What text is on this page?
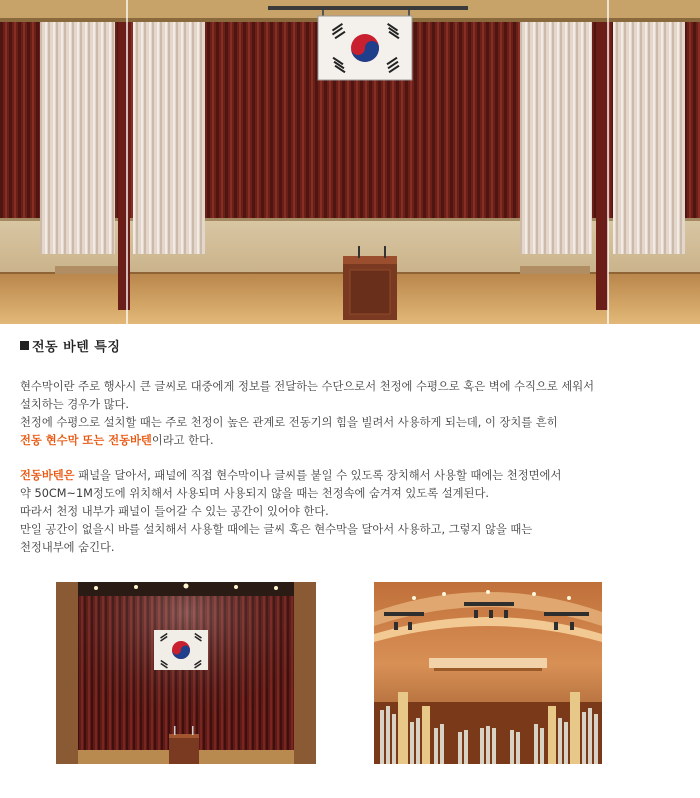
전동 바텐 특징
현수막이란 주로 행사시 큰 글씨로 대중에게 정보를 전달하는 수단으로서 천정에 수평으로 혹은 벽에 수직으로 세워서
설치하는 경우가 많다.
천정에 수평으로 설치할 때는 주로 천정이 높은 관계로 전동기의 힘을 빌려서 사용하게 되는데, 이 장치를 흔히
전동 현수막 또는 전동바텐이라고 한다.
전동바텐은 패널을 달아서, 패널에 직접 현수막이나 글씨를 붙일 수 있도록 장치해서 사용할 때에는 천정면에서
약 50CM~1M정도에 위치해서 사용되며 사용되지 않을 때는 천정속에 숨겨져 있도록 설계된다.
따라서 천정 내부가 패널이 들어갈 수 있는 공간이 있어야 한다.
만일 공간이 없을시 바를 설치해서 사용할 때에는 글씨 혹은 현수막을 달아서 사용하고, 그렇지 않을 때는
천정내부에 숨긴다.
